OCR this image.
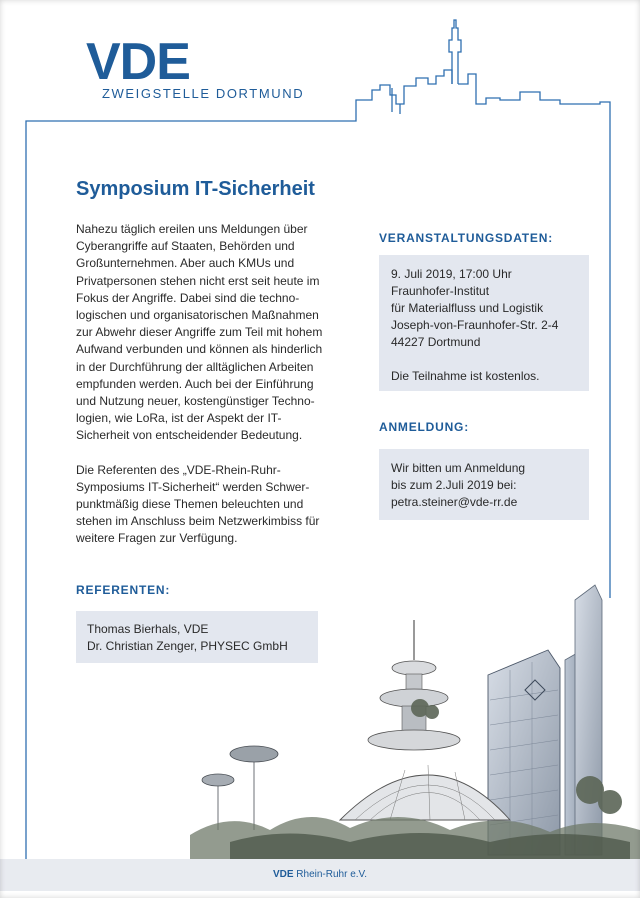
VDE
ZWEIGSTELLE DORTMUND
Symposium IT-Sicherheit

Nahezu täglich ereilen uns Meldungen über
Cyberangriffe auf Staaten, Behörden und
Großunternehmen. Aber auch KMUs und
Privatpersonen stehen nicht erst seit heute im
Fokus der Angriffe. Dabei sind die techno-
logischen und organisatorischen Maßnahmen
zur Abwehr dieser Angriffe zum Teil mit hohem
Aufwand verbunden und können als hinderlich
in der Durchführung der alltäglichen Arbeiten
empfunden werden. Auch bei der Einführung
und Nutzung neuer, kostengünstiger Techno-
logien, wie LoRa, ist der Aspekt der IT-
Sicherheit von entscheidender Bedeutung.

Die Referenten des „VDE-Rhein-Ruhr-
Symposiums IT-Sicherheit“ werden Schwer-
punktmäßig diese Themen beleuchten und
stehen im Anschluss beim Netzwerkimbiss für
weitere Fragen zur Verfügung.

VERANSTALTUNGSDATEN:
9. Juli 2019, 17:00 Uhr
Fraunhofer-Institut
für Materialfluss und Logistik
Joseph-von-Fraunhofer-Str. 2-4
44227 Dortmund
Die Teilnahme ist kostenlos.
ANMELDUNG:
Wir bitten um Anmeldung
bis zum 2.Juli 2019 bei:
petra.steiner@vde-rr.de
REFERENTEN:
Thomas Bierhals, VDE
Dr. Christian Zenger, PHYSEC GmbH
VDE Rhein-Ruhr e.V.
